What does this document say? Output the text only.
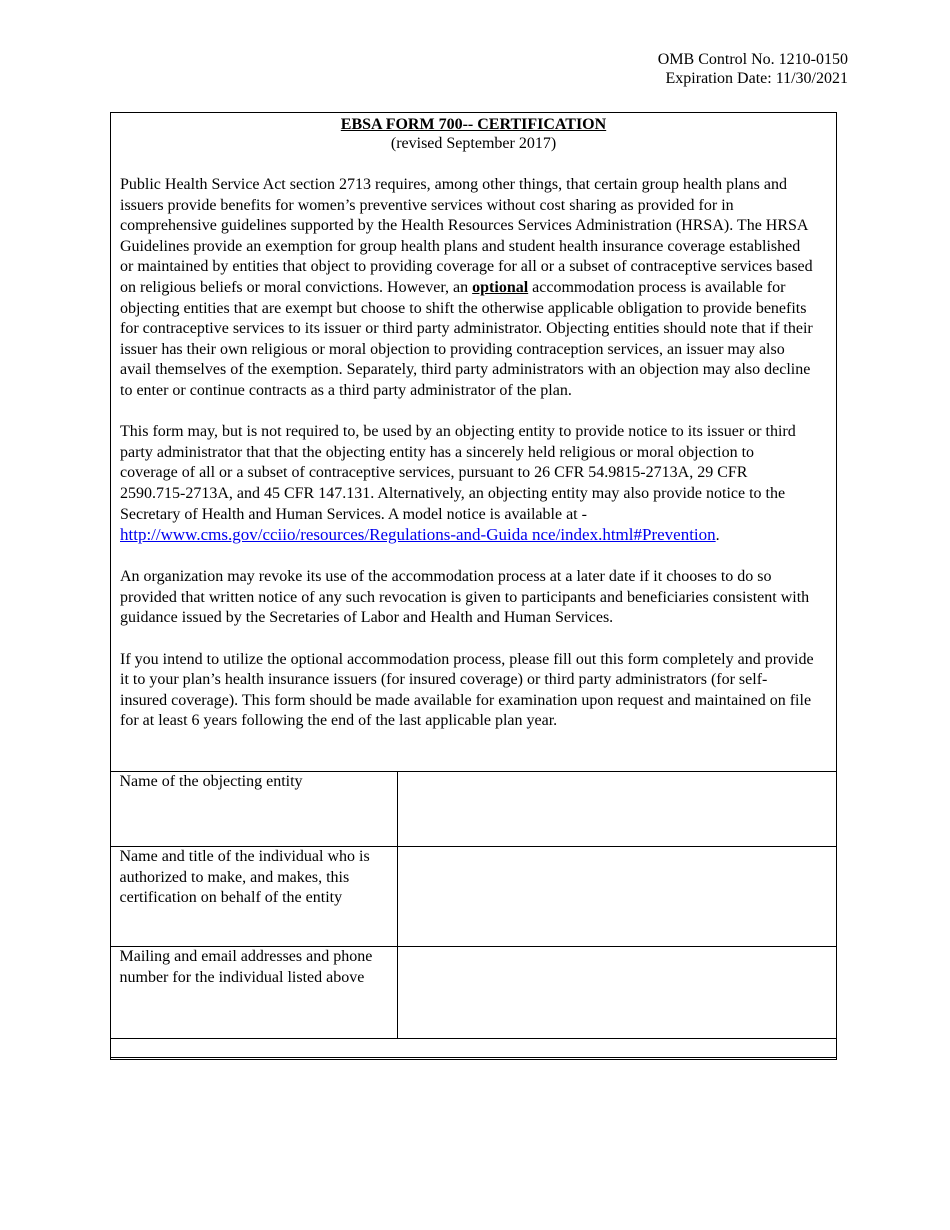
OMB Control No. 1210-0150
Expiration Date: 11/30/2021
EBSA FORM 700-- CERTIFICATION
(revised September 2017)

Public Health Service Act section 2713 requires, among other things, that certain group health plans and issuers provide benefits for women’s preventive services without cost sharing as provided for in comprehensive guidelines supported by the Health Resources Services Administration (HRSA). The HRSA Guidelines provide an exemption for group health plans and student health insurance coverage established or maintained by entities that object to providing coverage for all or a subset of contraceptive services based on religious beliefs or moral convictions. However, an optional accommodation process is available for objecting entities that are exempt but choose to shift the otherwise applicable obligation to provide benefits for contraceptive services to its issuer or third party administrator. Objecting entities should note that if their issuer has their own religious or moral objection to providing contraception services, an issuer may also avail themselves of the exemption. Separately, third party administrators with an objection may also decline to enter or continue contracts as a third party administrator of the plan.

This form may, but is not required to, be used by an objecting entity to provide notice to its issuer or third party administrator that that the objecting entity has a sincerely held religious or moral objection to coverage of all or a subset of contraceptive services, pursuant to 26 CFR 54.9815-2713A, 29 CFR 2590.715-2713A, and 45 CFR 147.131. Alternatively, an objecting entity may also provide notice to the Secretary of Health and Human Services. A model notice is available at - http://www.cms.gov/cciio/resources/Regulations-and-Guida nce/index.html#Prevention.

An organization may revoke its use of the accommodation process at a later date if it chooses to do so provided that written notice of any such revocation is given to participants and beneficiaries consistent with guidance issued by the Secretaries of Labor and Health and Human Services.

If you intend to utilize the optional accommodation process, please fill out this form completely and provide it to your plan’s health insurance issuers (for insured coverage) or third party administrators (for self-insured coverage). This form should be made available for examination upon request and maintained on file for at least 6 years following the end of the last applicable plan year.

Name of the objecting entity	
Name and title of the individual who is authorized to make, and makes, this certification on behalf of the entity	
Mailing and email addresses and phone number for the individual listed above	
